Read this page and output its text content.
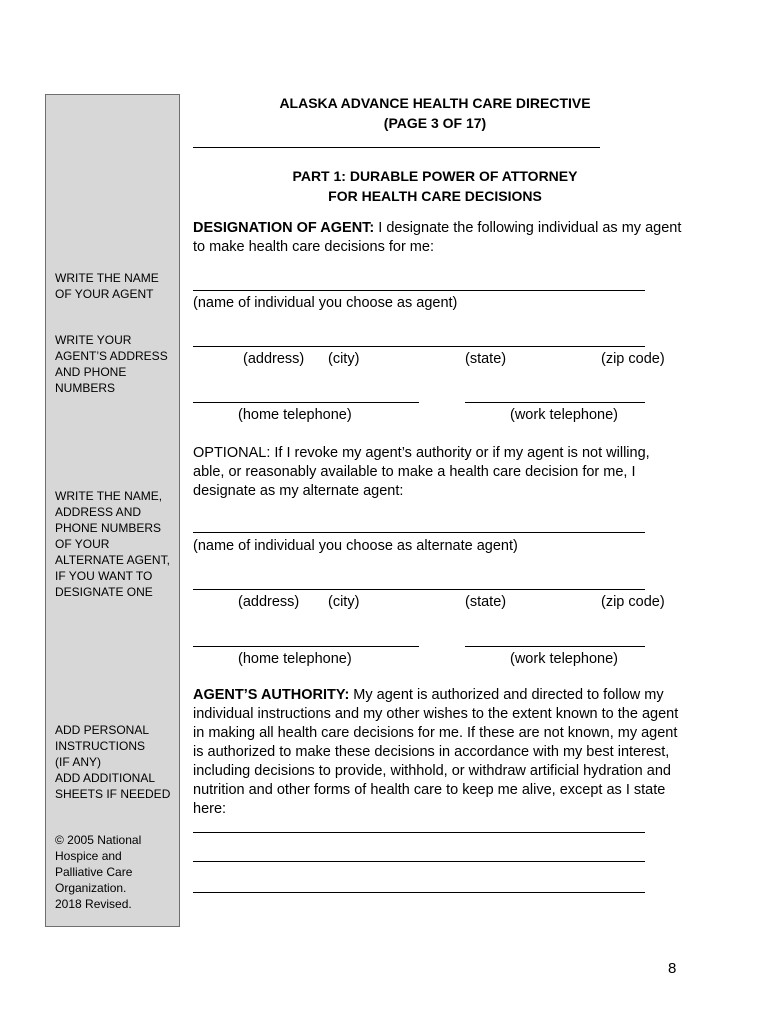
WRITE THE NAME
OF YOUR AGENT

WRITE YOUR
AGENT’S ADDRESS
AND PHONE
NUMBERS

WRITE THE NAME,
ADDRESS AND
PHONE NUMBERS
OF YOUR
ALTERNATE AGENT,
IF YOU WANT TO
DESIGNATE ONE

ADD PERSONAL
INSTRUCTIONS
(IF ANY)
ADD ADDITIONAL
SHEETS IF NEEDED

© 2005 National
Hospice and
Palliative Care
Organization.
2018 Revised.

ALASKA ADVANCE HEALTH CARE DIRECTIVE
(PAGE 3 OF 17)

PART 1: DURABLE POWER OF ATTORNEY
FOR HEALTH CARE DECISIONS

DESIGNATION OF AGENT: I designate the following individual as my agent to make health care decisions for me:

(name of individual you choose as agent)
(address) (city)	(state)	(zip code)
(home telephone)	(work telephone)

OPTIONAL: If I revoke my agent’s authority or if my agent is not willing, able, or reasonably available to make a health care decision for me, I designate as my alternate agent:

(name of individual you choose as alternate agent)
(address) (city)	(state)	(zip code)
(home telephone)	(work telephone)

AGENT’S AUTHORITY: My agent is authorized and directed to follow my individual instructions and my other wishes to the extent known to the agent in making all health care decisions for me. If these are not known, my agent is authorized to make these decisions in accordance with my best interest, including decisions to provide, withhold, or withdraw artificial hydration and nutrition and other forms of health care to keep me alive, except as I state here:

8
